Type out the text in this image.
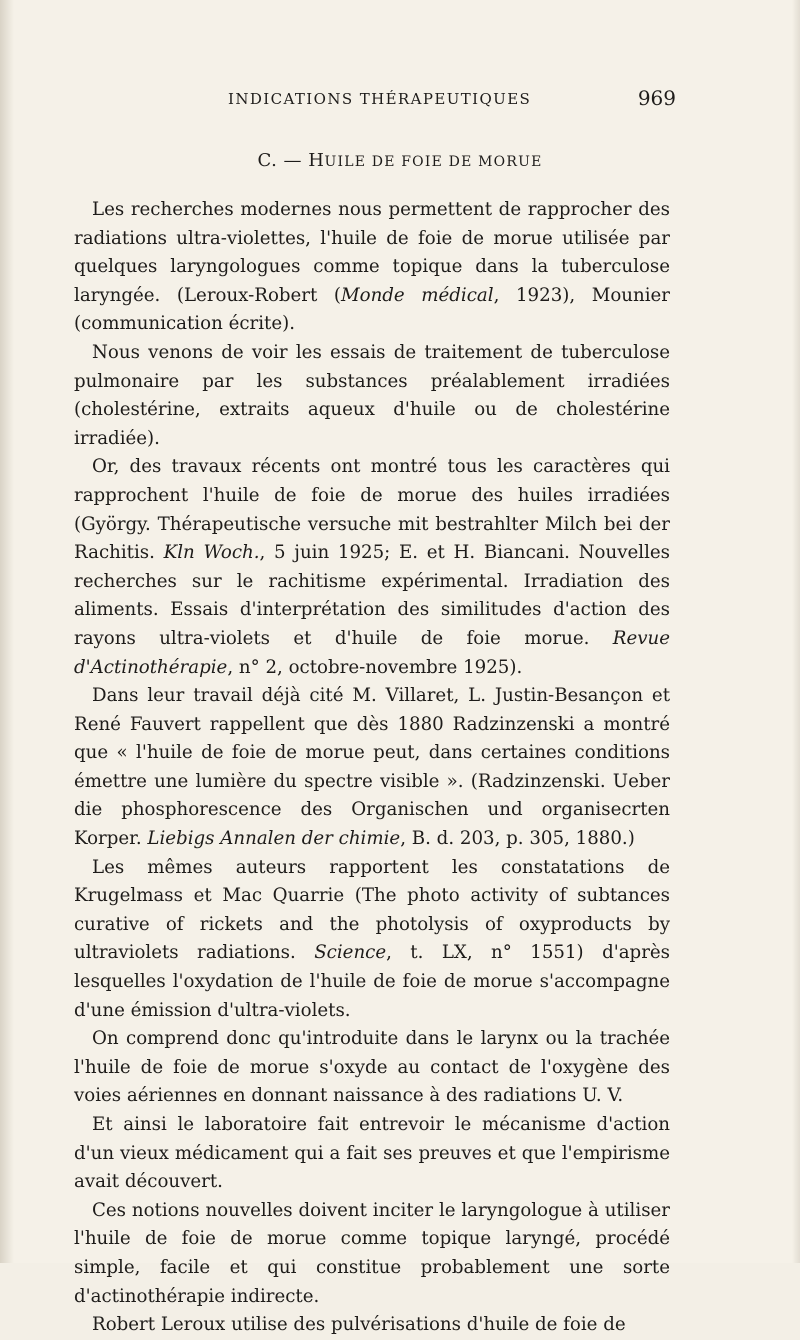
INDICATIONS THÉRAPEUTIQUES	969
C. — HUILE DE FOIE DE MORUE

Les recherches modernes nous permettent de rapprocher des radiations ultra-violettes, l'huile de foie de morue utilisée par quelques laryngologues comme topique dans la tuberculose laryngée. (Leroux-Robert (Monde médical, 1923), Mounier (communication écrite).

Nous venons de voir les essais de traitement de tuberculose pulmonaire par les substances préalablement irradiées (cholestérine, extraits aqueux d'huile ou de cholestérine irradiée).

Or, des travaux récents ont montré tous les caractères qui rapprochent l'huile de foie de morue des huiles irradiées (György. Thérapeutische versuche mit bestrahlter Milch bei der Rachitis. Kln Woch., 5 juin 1925; E. et H. Biancani. Nouvelles recherches sur le rachitisme expérimental. Irradiation des aliments. Essais d'interprétation des similitudes d'action des rayons ultra-violets et d'huile de foie morue. Revue d'Actinothérapie, n° 2, octobre-novembre 1925).

Dans leur travail déjà cité M. Villaret, L. Justin-Besançon et René Fauvert rappellent que dès 1880 Radzinzenski a montré que « l'huile de foie de morue peut, dans certaines conditions émettre une lumière du spectre visible ». (Radzinzenski. Ueber die phosphorescence des Organischen und organisecrten Korper. Liebigs Annalen der chimie, B. d. 203, p. 305, 1880.)

Les mêmes auteurs rapportent les constatations de Krugelmass et Mac Quarrie (The photo activity of subtances curative of rickets and the photolysis of oxyproducts by ultraviolets radiations. Science, t. LX, n° 1551) d'après lesquelles l'oxydation de l'huile de foie de morue s'accompagne d'une émission d'ultra-violets.

On comprend donc qu'introduite dans le larynx ou la trachée l'huile de foie de morue s'oxyde au contact de l'oxygène des voies aériennes en donnant naissance à des radiations U. V.

Et ainsi le laboratoire fait entrevoir le mécanisme d'action d'un vieux médicament qui a fait ses preuves et que l'empirisme avait découvert.

Ces notions nouvelles doivent inciter le laryngologue à utiliser l'huile de foie de morue comme topique laryngé, procédé simple, facile et qui constitue probablement une sorte d'actinothérapie indirecte.

Robert Leroux utilise des pulvérisations d'huile de foie de
